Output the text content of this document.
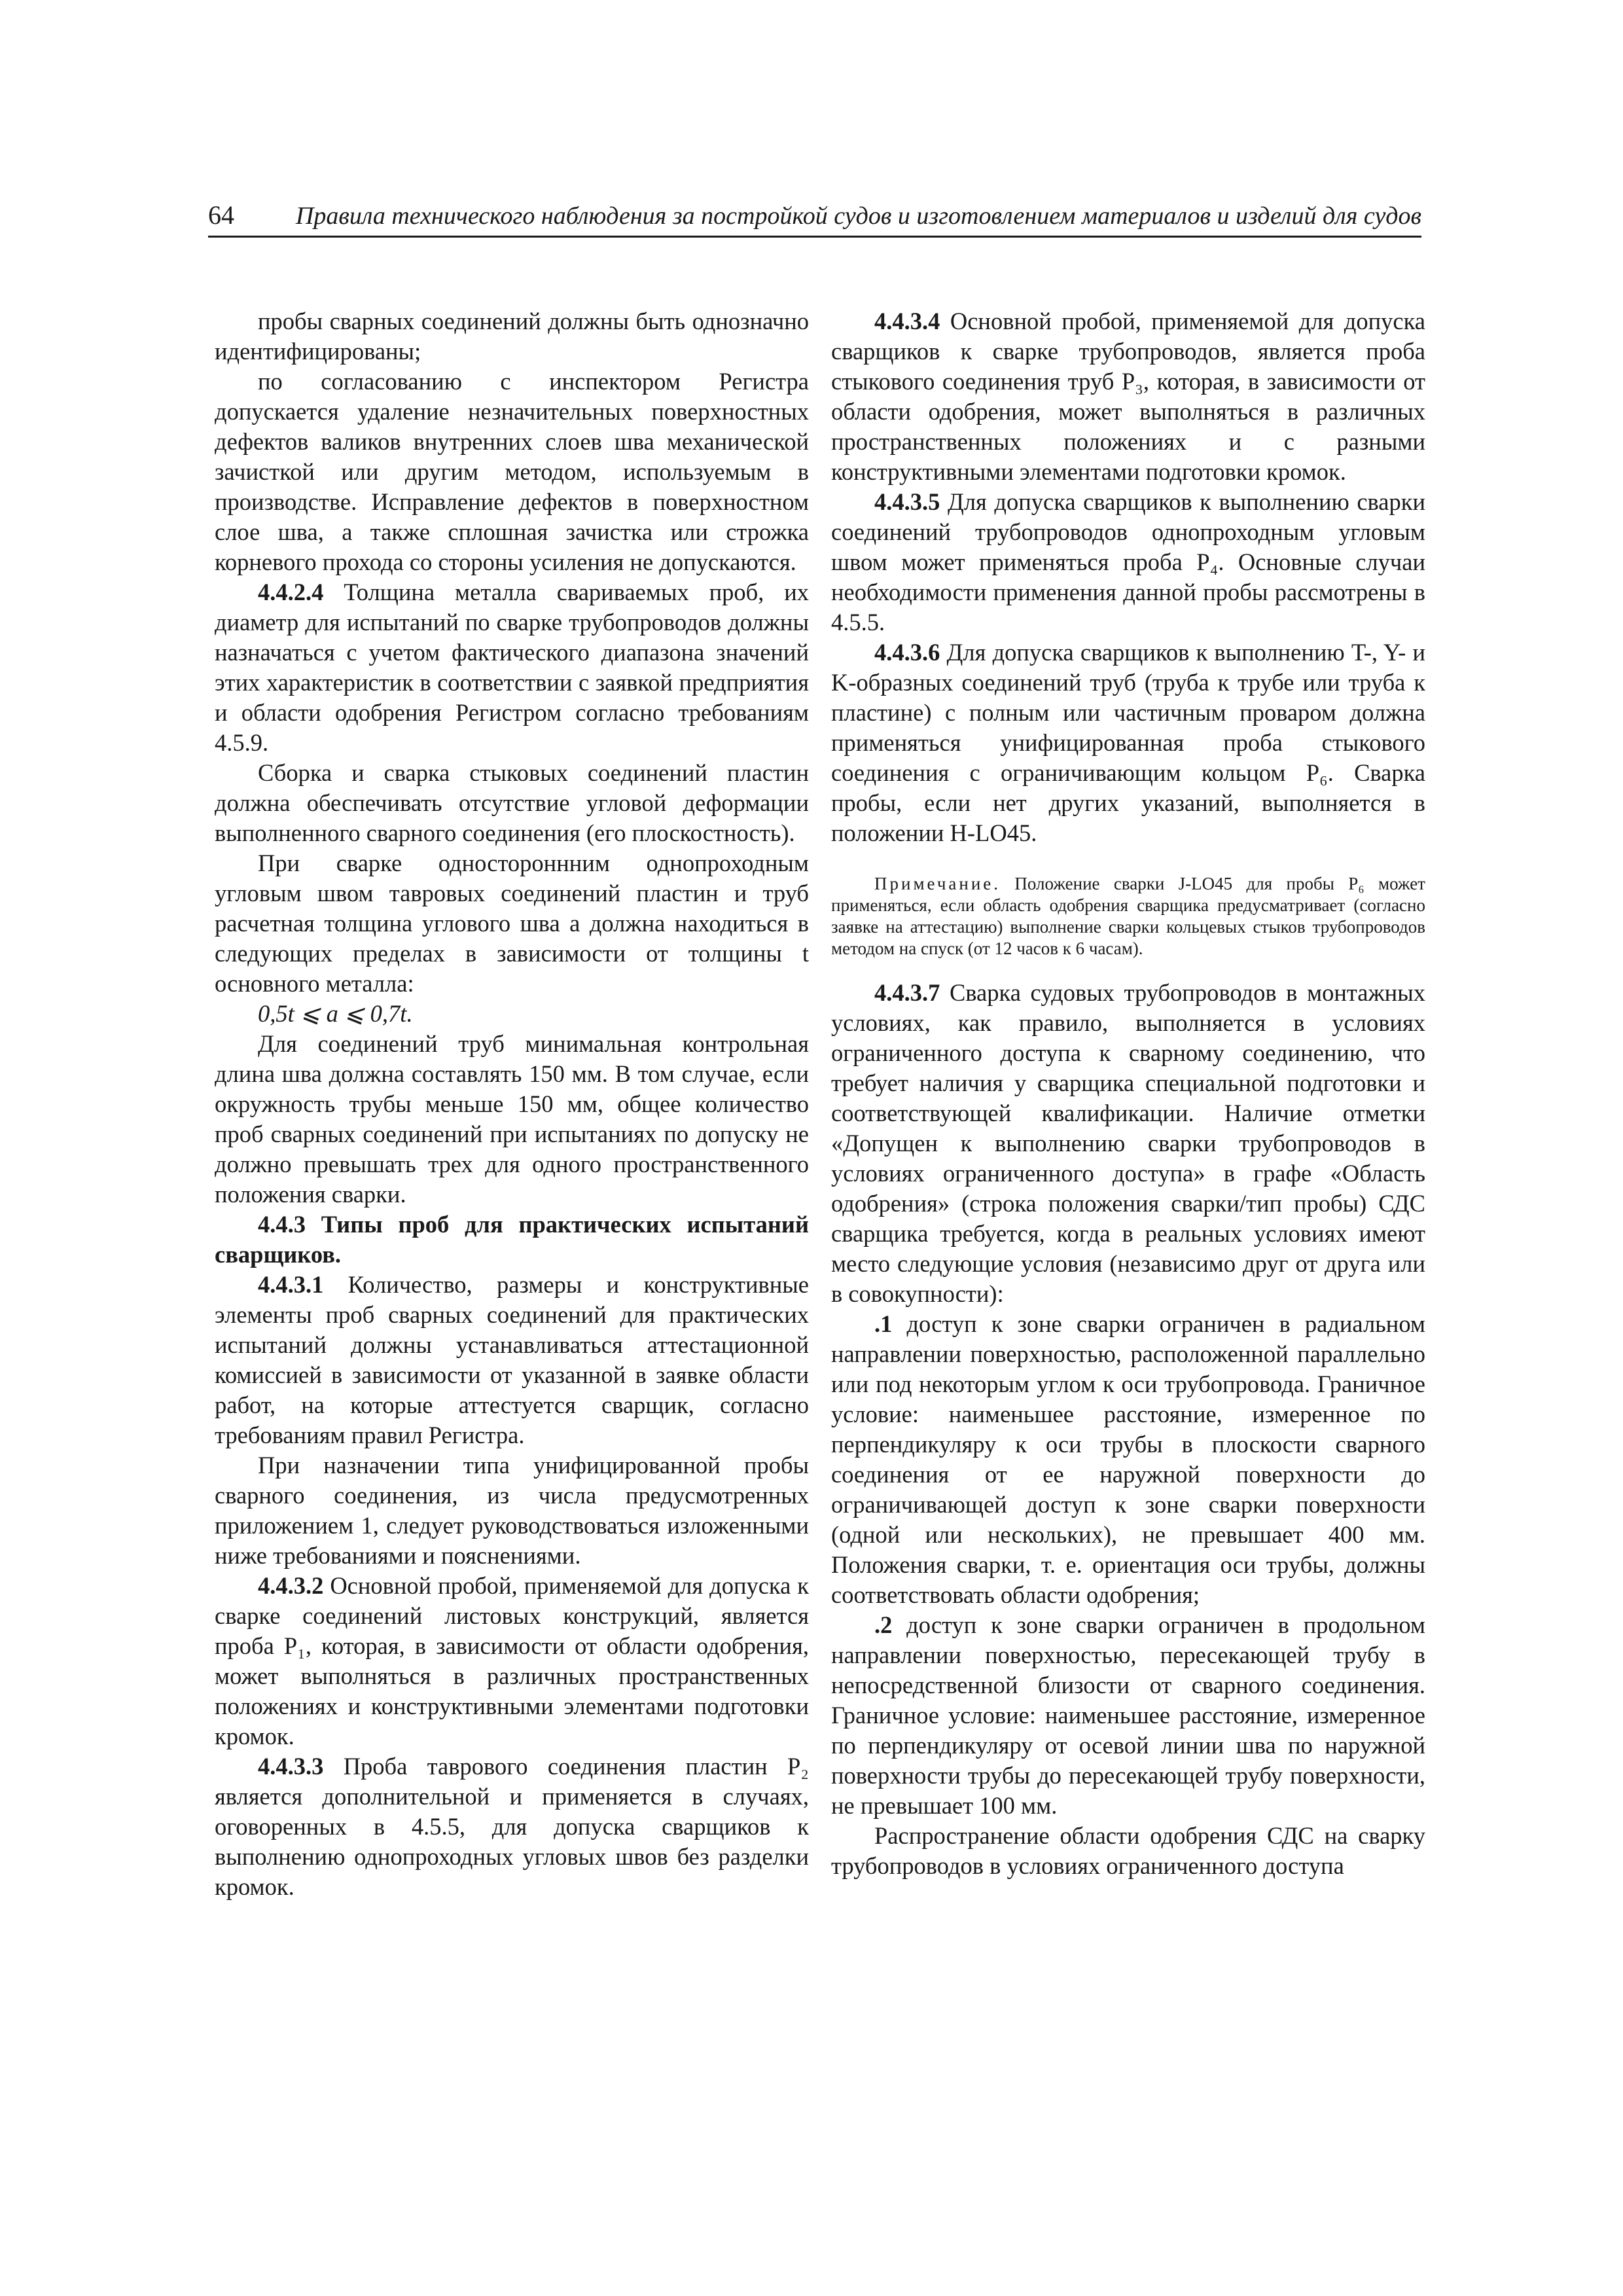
64 Правила технического наблюдения за постройкой судов и изготовлением материалов и изделий для судов

пробы сварных соединений должны быть однозначно идентифицированы;

по согласованию с инспектором Регистра допускается удаление незначительных поверхностных дефектов валиков внутренних слоев шва механической зачисткой или другим методом, используемым в производстве. Исправление дефектов в поверхностном слое шва, а также сплошная зачистка или строжка корневого прохода со стороны усиления не допускаются.

4.4.2.4 Толщина металла свариваемых проб, их диаметр для испытаний по сварке трубопроводов должны назначаться с учетом фактического диапазона значений этих характеристик в соответствии с заявкой предприятия и области одобрения Регистром согласно требованиям 4.5.9.

Сборка и сварка стыковых соединений пластин должна обеспечивать отсутствие угловой деформации выполненного сварного соединения (его плоскостность).

При сварке одностороннним однопроходным угловым швом тавровых соединений пластин и труб расчетная толщина углового шва a должна находиться в следующих пределах в зависимости от толщины t основного металла:

0,5t ⩽ a ⩽ 0,7t.

Для соединений труб минимальная контрольная длина шва должна составлять 150 мм. В том случае, если окружность трубы меньше 150 мм, общее количество проб сварных соединений при испытаниях по допуску не должно превышать трех для одного пространственного положения сварки.

4.4.3 Типы проб для практических испытаний сварщиков.

4.4.3.1 Количество, размеры и конструктивные элементы проб сварных соединений для практических испытаний должны устанавливаться аттестационной комиссией в зависимости от указанной в заявке области работ, на которые аттестуется сварщик, согласно требованиям правил Регистра.

При назначении типа унифицированной пробы сварного соединения, из числа предусмотренных приложением 1, следует руководствоваться изложенными ниже требованиями и пояснениями.

4.4.3.2 Основной пробой, применяемой для допуска к сварке соединений листовых конструкций, является проба P₁, которая, в зависимости от области одобрения, может выполняться в различных пространственных положениях и конструктивными элементами подготовки кромок.

4.4.3.3 Проба таврового соединения пластин P₂ является дополнительной и применяется в случаях, оговоренных в 4.5.5, для допуска сварщиков к выполнению однопроходных угловых швов без разделки кромок.

4.4.3.4 Основной пробой, применяемой для допуска сварщиков к сварке трубопроводов, является проба стыкового соединения труб P₃, которая, в зависимости от области одобрения, может выполняться в различных пространственных положениях и с разными конструктивными элементами подготовки кромок.

4.4.3.5 Для допуска сварщиков к выполнению сварки соединений трубопроводов однопроходным угловым швом может применяться проба P₄. Основные случаи необходимости применения данной пробы рассмотрены в 4.5.5.

4.4.3.6 Для допуска сварщиков к выполнению T-, Y- и K-образных соединений труб (труба к трубе или труба к пластине) с полным или частичным проваром должна применяться унифицированная проба стыкового соединения с ограничивающим кольцом P₆. Сварка пробы, если нет других указаний, выполняется в положении H-LO45.

Примечание. Положение сварки J-LO45 для пробы P₆ может применяться, если область одобрения сварщика предусматривает (согласно заявке на аттестацию) выполнение сварки кольцевых стыков трубопроводов методом на спуск (от 12 часов к 6 часам).

4.4.3.7 Сварка судовых трубопроводов в монтажных условиях, как правило, выполняется в условиях ограниченного доступа к сварному соединению, что требует наличия у сварщика специальной подготовки и соответствующей квалификации. Наличие отметки «Допущен к выполнению сварки трубопроводов в условиях ограниченного доступа» в графе «Область одобрения» (строка положения сварки/тип пробы) СДС сварщика требуется, когда в реальных условиях имеют место следующие условия (независимо друг от друга или в совокупности):

.1 доступ к зоне сварки ограничен в радиальном направлении поверхностью, расположенной параллельно или под некоторым углом к оси трубопровода. Граничное условие: наименьшее расстояние, измеренное по перпендикуляру к оси трубы в плоскости сварного соединения от ее наружной поверхности до ограничивающей доступ к зоне сварки поверхности (одной или нескольких), не превышает 400 мм. Положения сварки, т. е. ориентация оси трубы, должны соответствовать области одобрения;

.2 доступ к зоне сварки ограничен в продольном направлении поверхностью, пересекающей трубу в непосредственной близости от сварного соединения. Граничное условие: наименьшее расстояние, измеренное по перпендикуляру от осевой линии шва по наружной поверхности трубы до пересекающей трубу поверхности, не превышает 100 мм.

Распространение области одобрения СДС на сварку трубопроводов в условиях ограниченного доступа
